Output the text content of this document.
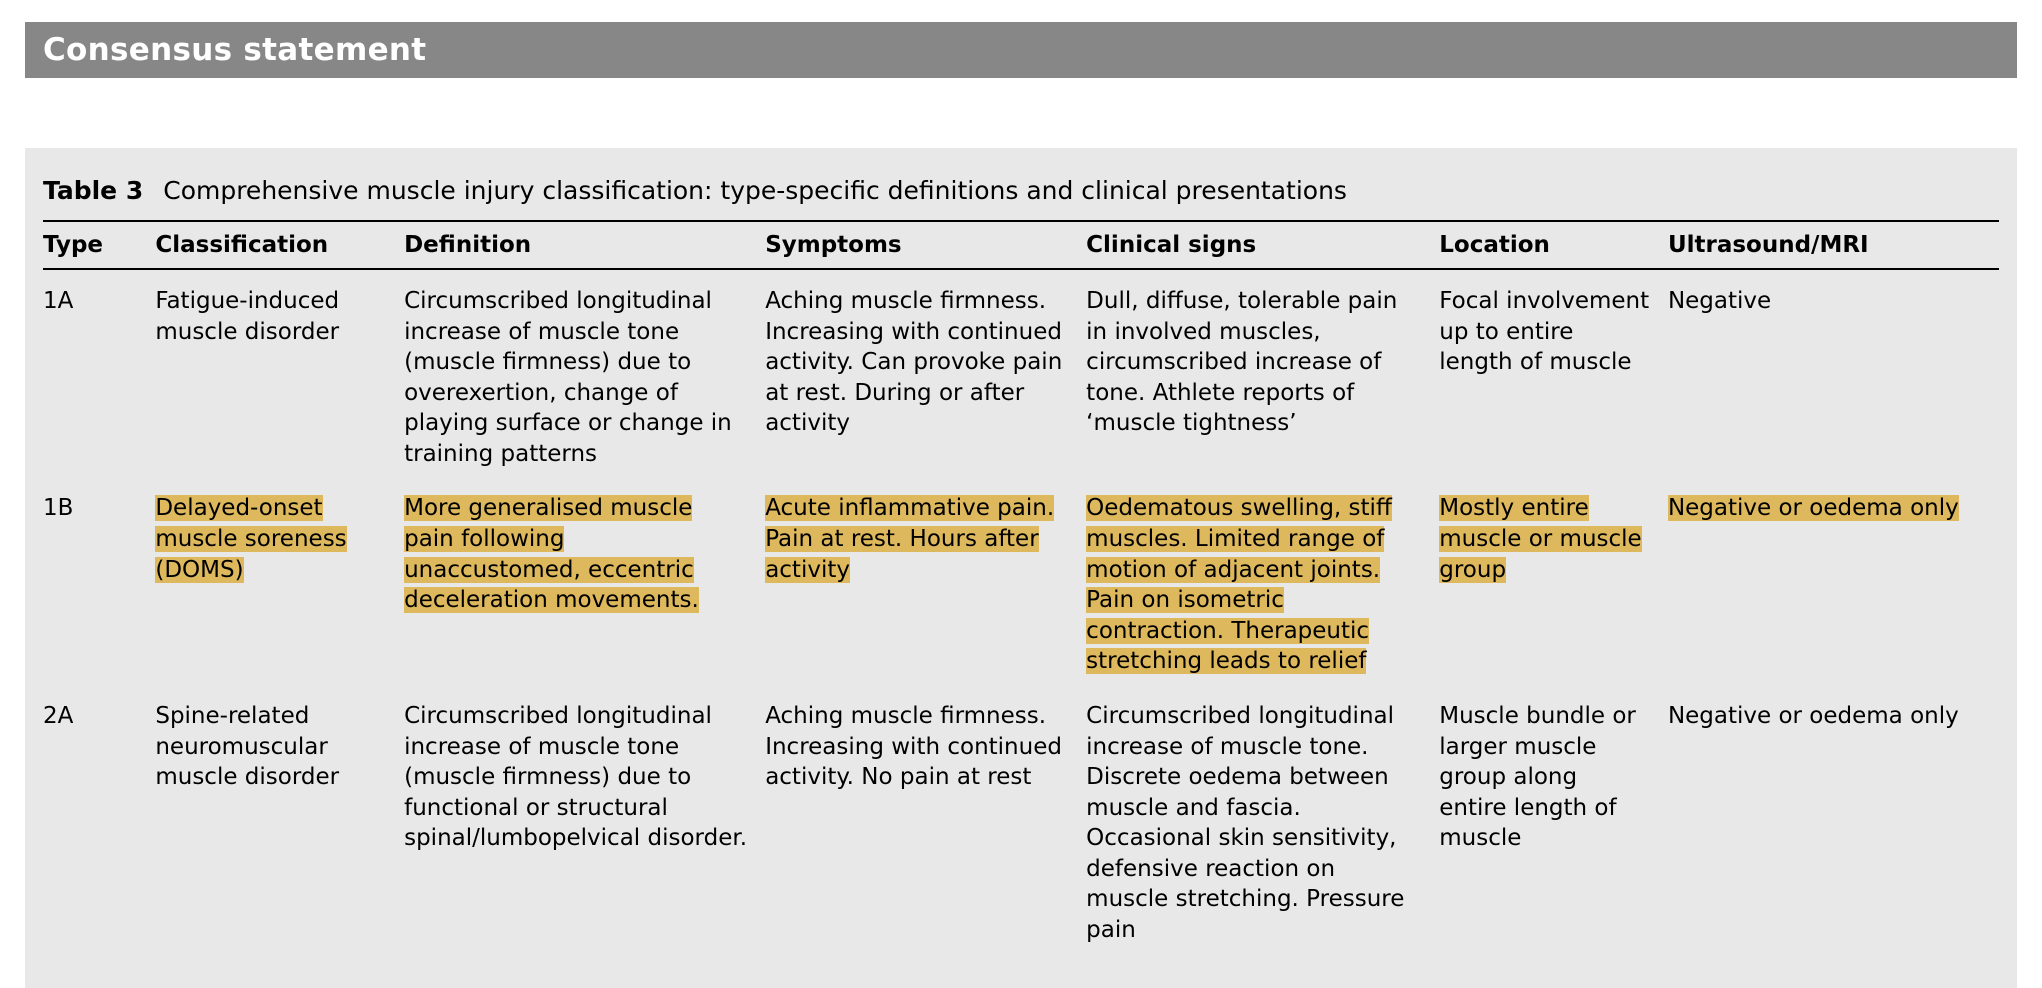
Consensus statement
Table 3 Comprehensive muscle injury classification: type-specific definitions and clinical presentations
Type	Classification	Definition	Symptoms	Clinical signs	Location	Ultrasound/MRI
1A	Fatigue-induced muscle disorder	Circumscribed longitudinal increase of muscle tone (muscle firmness) due to overexertion, change of playing surface or change in training patterns	Aching muscle firmness. Increasing with continued activity. Can provoke pain at rest. During or after activity	Dull, diffuse, tolerable pain in involved muscles, circumscribed increase of tone. Athlete reports of ‘muscle tightness’	Focal involvement up to entire length of muscle	Negative
1B	Delayed-onset muscle soreness (DOMS)	More generalised muscle pain following unaccustomed, eccentric deceleration movements.	Acute inflammative pain. Pain at rest. Hours after activity	Oedematous swelling, stiff muscles. Limited range of motion of adjacent joints. Pain on isometric contraction. Therapeutic stretching leads to relief	Mostly entire muscle or muscle group	Negative or oedema only
2A	Spine-related neuromuscular muscle disorder	Circumscribed longitudinal increase of muscle tone (muscle firmness) due to functional or structural spinal/lumbopelvical disorder.	Aching muscle firmness. Increasing with continued activity. No pain at rest	Circumscribed longitudinal increase of muscle tone. Discrete oedema between muscle and fascia. Occasional skin sensitivity, defensive reaction on muscle stretching. Pressure pain	Muscle bundle or larger muscle group along entire length of muscle	Negative or oedema only
